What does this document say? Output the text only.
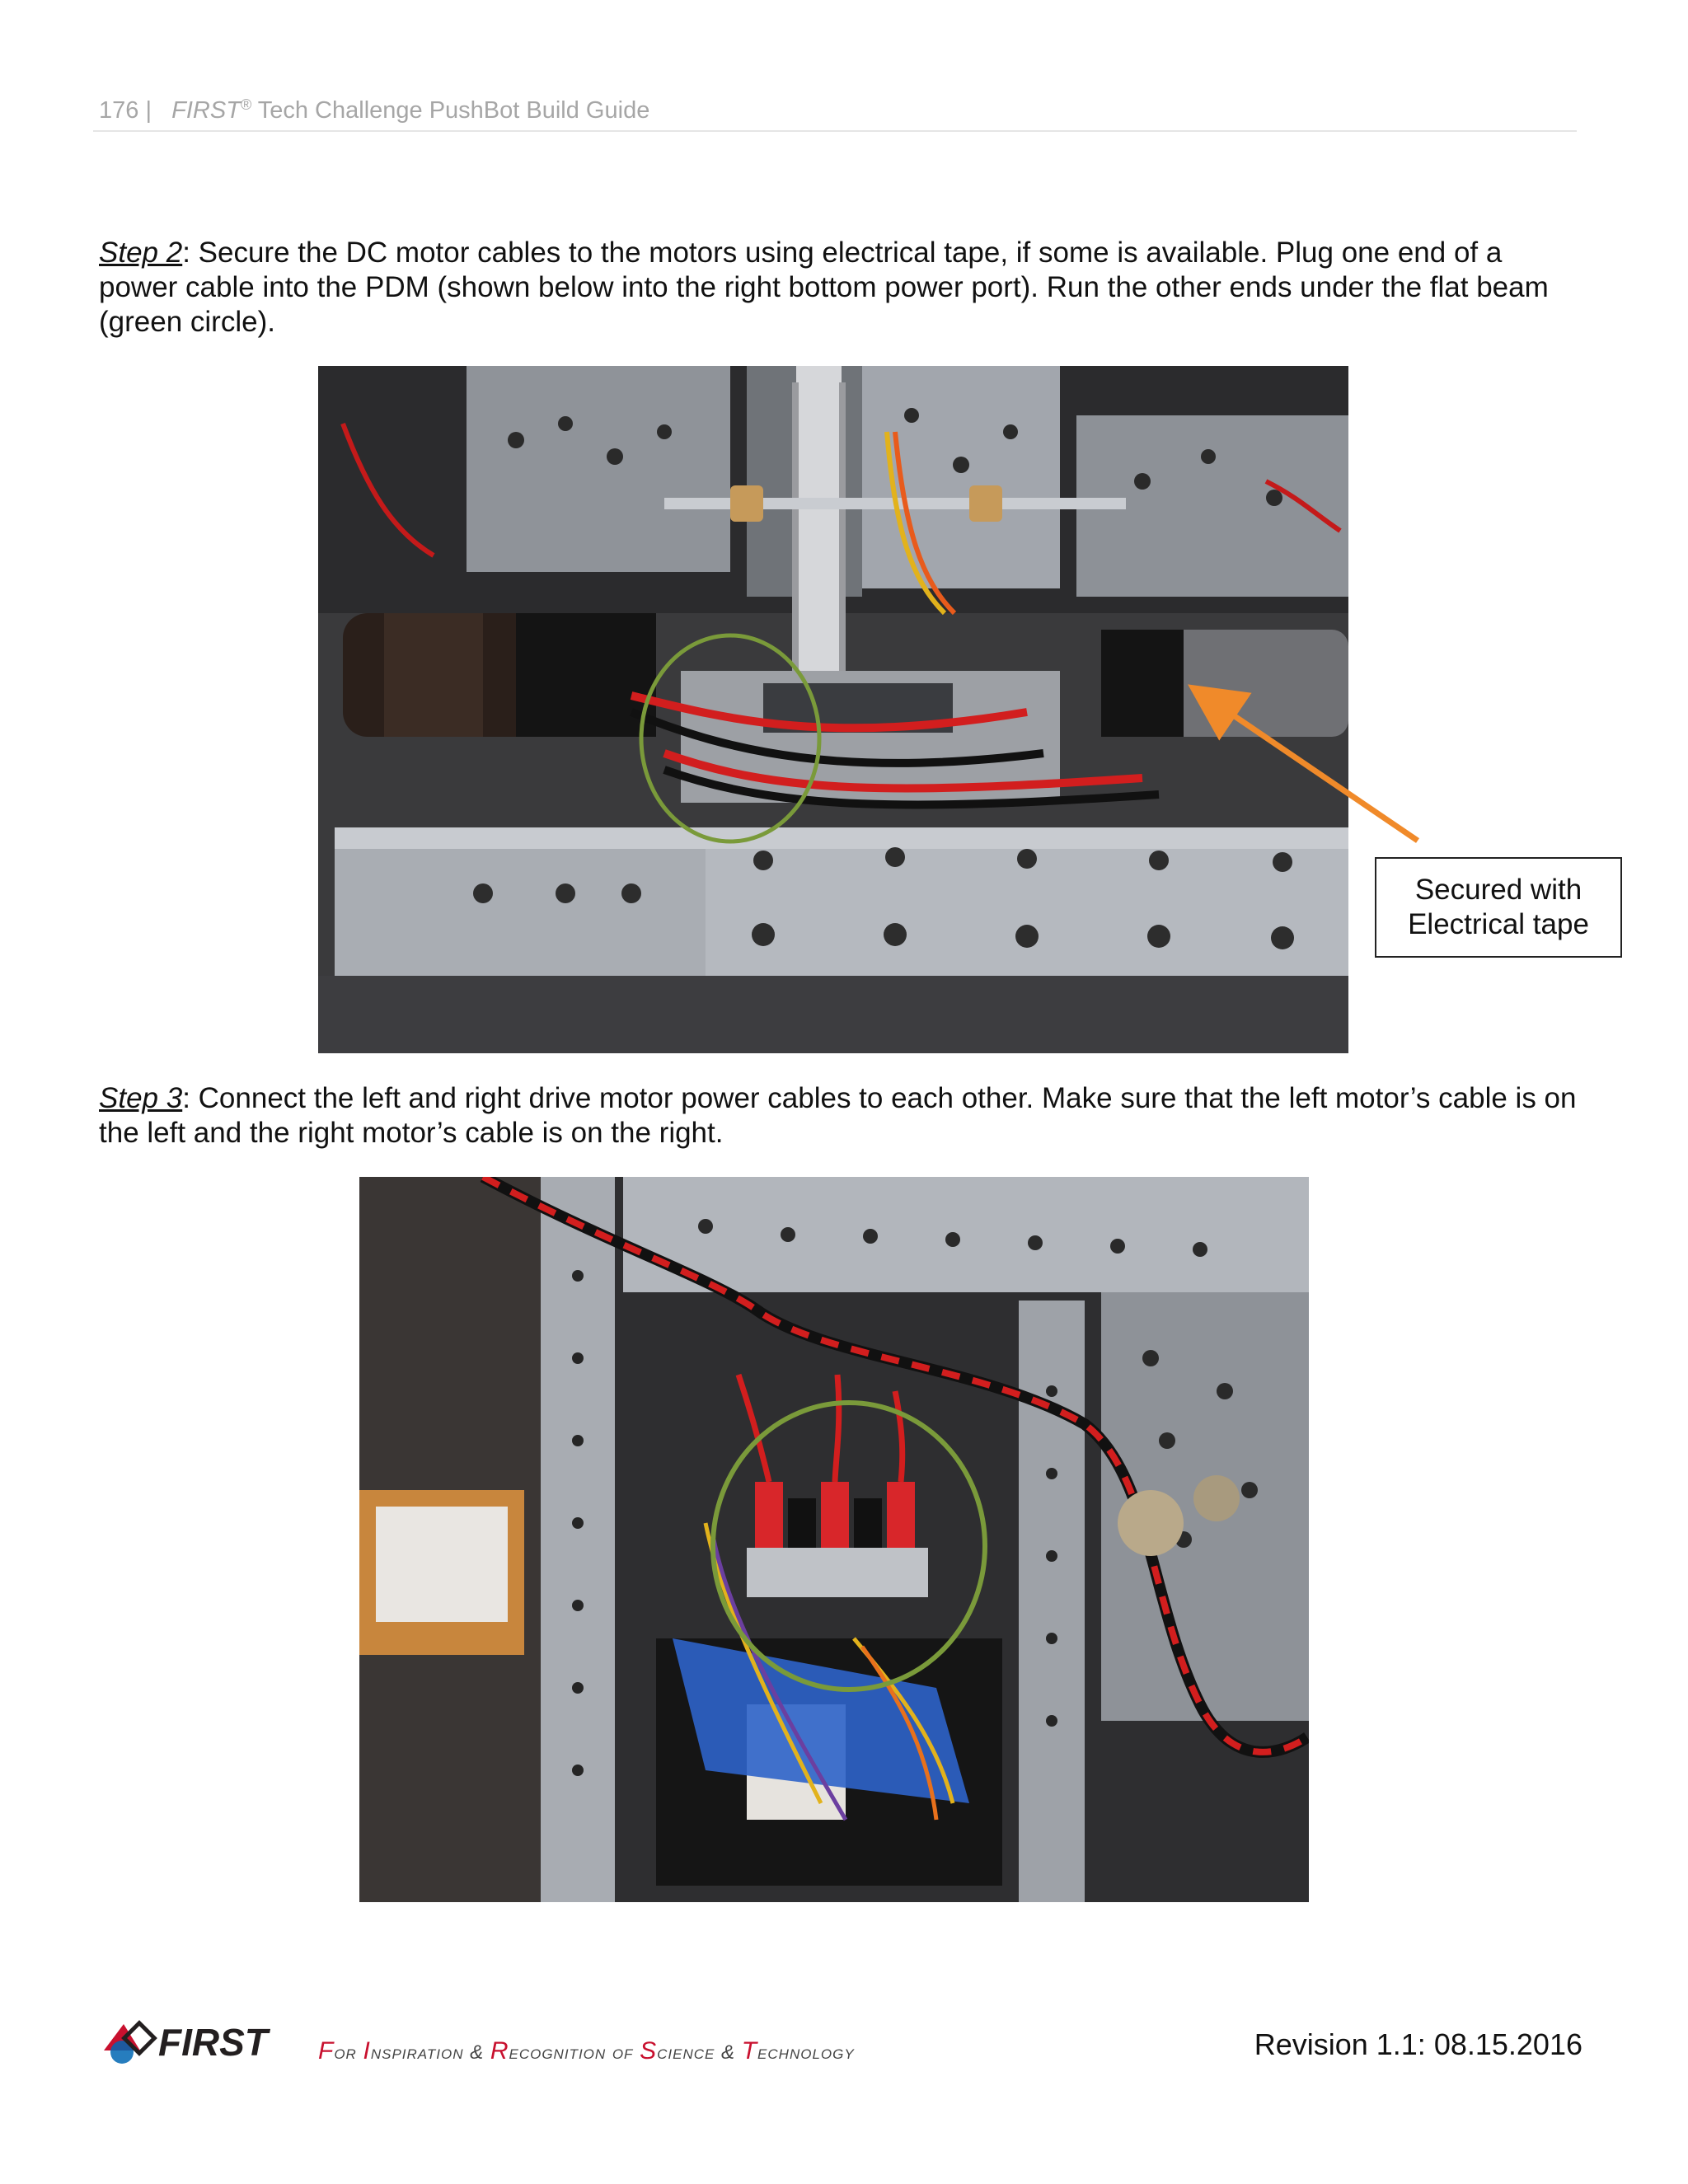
176 | FIRST® Tech Challenge PushBot Build Guide
Step 2: Secure the DC motor cables to the motors using electrical tape, if some is available. Plug one end of a power cable into the PDM (shown below into the right bottom power port). Run the other ends under the flat beam (green circle).
Secured with
Electrical tape
Step 3: Connect the left and right drive motor power cables to each other. Make sure that the left motor’s cable is on the left and the right motor’s cable is on the right.
FIRST For Inspiration & Recognition of Science & Technology	Revision 1.1: 08.15.2016
